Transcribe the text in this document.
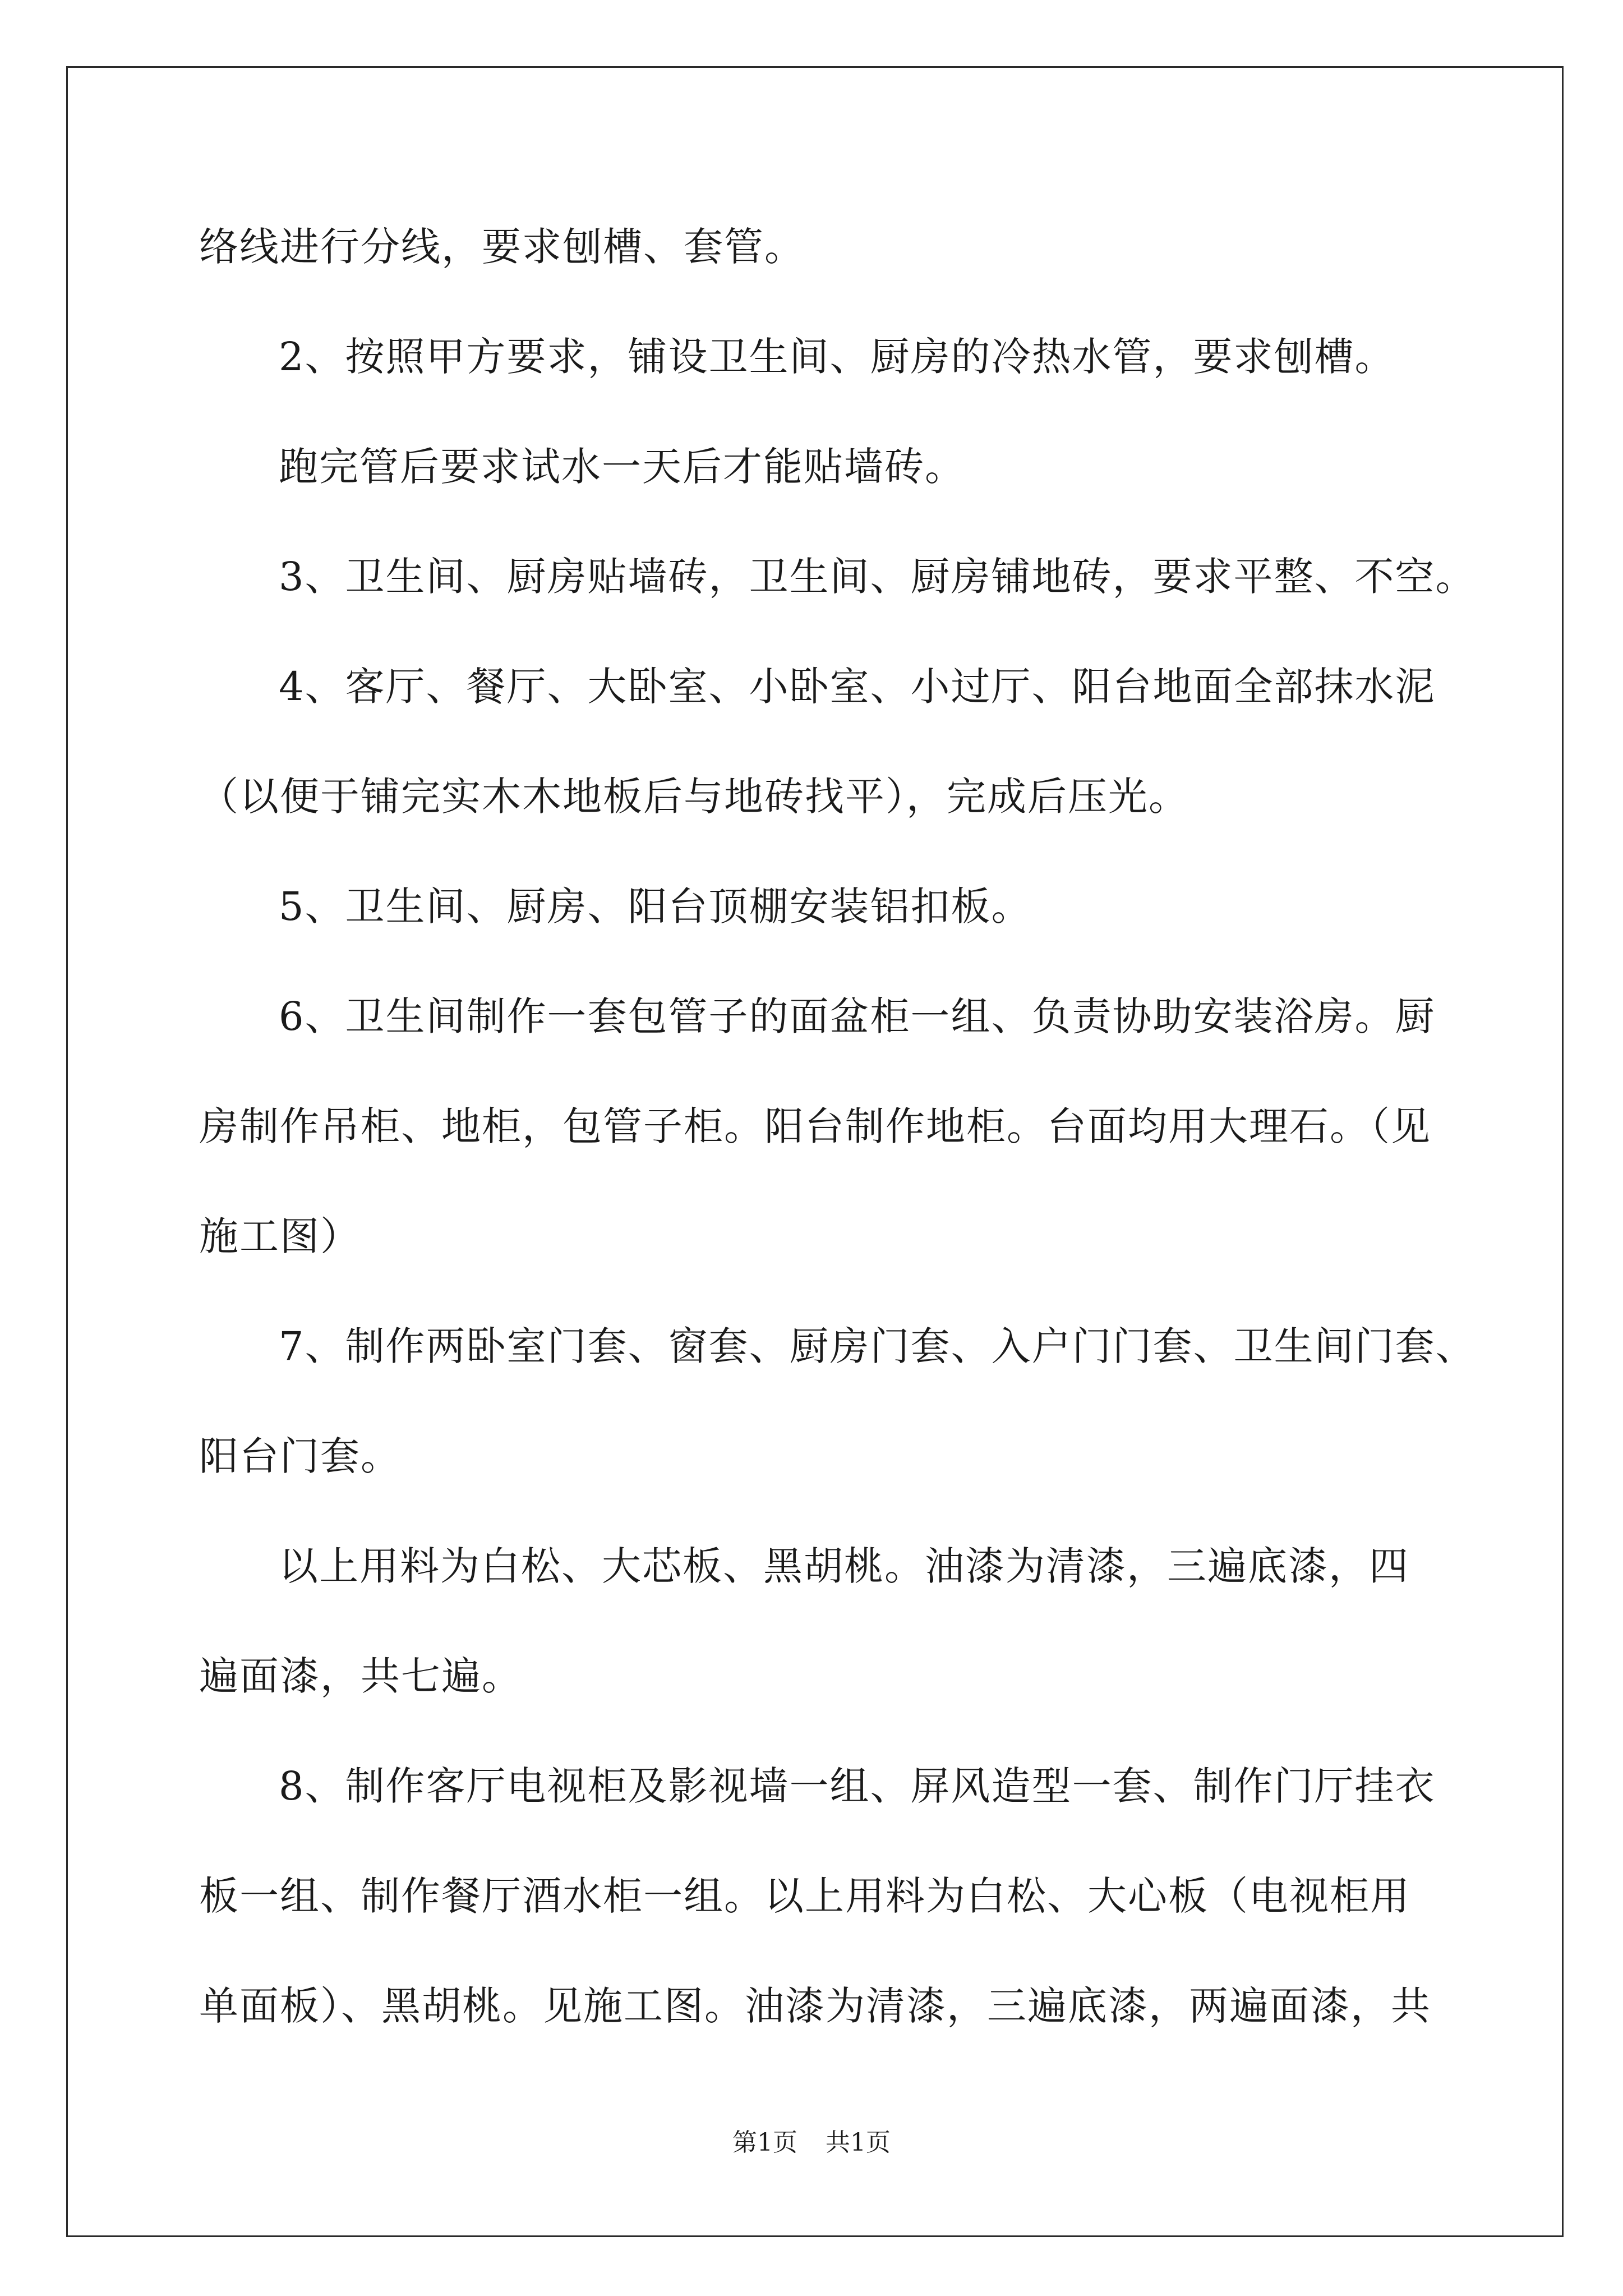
络线进行分线，要求刨槽、套管。
2、按照甲方要求，铺设卫生间、厨房的冷热水管，要求刨槽。
跑完管后要求试水一天后才能贴墙砖。
3、卫生间、厨房贴墙砖，卫生间、厨房铺地砖，要求平整、不空。
4、客厅、餐厅、大卧室、小卧室、小过厅、阳台地面全部抹水泥
（以便于铺完实木木地板后与地砖找平），完成后压光。
5、卫生间、厨房、阳台顶棚安装铝扣板。
6、卫生间制作一套包管子的面盆柜一组、负责协助安装浴房。厨
房制作吊柜、地柜，包管子柜。阳台制作地柜。台面均用大理石。（见
施工图）
7、制作两卧室门套、窗套、厨房门套、入户门门套、卫生间门套、
阳台门套。
以上用料为白松、大芯板、黑胡桃。油漆为清漆，三遍底漆，四
遍面漆，共七遍。
8、制作客厅电视柜及影视墙一组、屏风造型一套、制作门厅挂衣
板一组、制作餐厅酒水柜一组。以上用料为白松、大心板（电视柜用
单面板）、黑胡桃。见施工图。油漆为清漆，三遍底漆，两遍面漆，共
第1页 共1页
